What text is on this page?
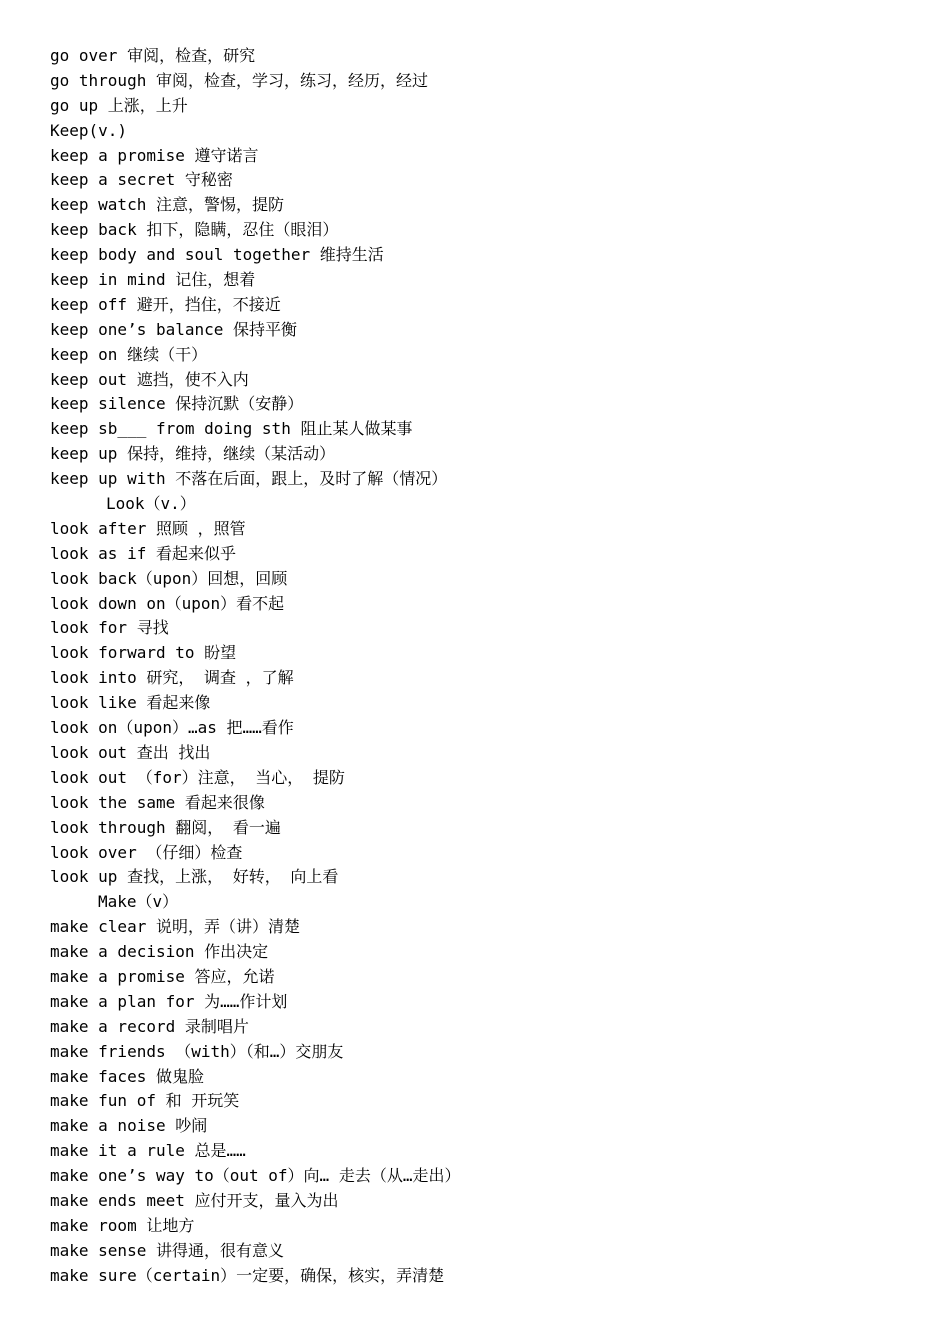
go over 审阅，检查，研究
go through 审阅，检查，学习，练习，经历，经过
go up 上涨，上升
Keep(v.)
keep a promise 遵守诺言
keep a secret 守秘密
keep watch 注意，警惕，提防
keep back 扣下，隐瞒，忍住（眼泪）
keep body and soul together 维持生活
keep in mind 记住，想着
keep off 避开，挡住，不接近
keep one’s balance 保持平衡
keep on 继续（干）
keep out 遮挡，使不入内
keep silence 保持沉默（安静）
keep sb___ from doing sth 阻止某人做某事
keep up 保持，维持，继续（某活动）
keep up with 不落在后面，跟上，及时了解（情况）
Look（v.）
look after 照顾 ，照管
look as if 看起来似乎
look back（upon）回想，回顾
look down on（upon）看不起
look for 寻找
look forward to 盼望
look into 研究， 调查 ，了解
look like 看起来像
look on（upon）…as 把……看作
look out 查出 找出
look out （for）注意， 当心， 提防
look the same 看起来很像
look through 翻阅， 看一遍
look over （仔细）检查
look up 查找，上涨， 好转， 向上看
Make（v）
make clear 说明，弄（讲）清楚
make a decision 作出决定
make a promise 答应，允诺
make a plan for 为……作计划
make a record 录制唱片
make friends （with）（和…）交朋友
make faces 做鬼脸
make fun of 和 开玩笑
make a noise 吵闹
make it a rule 总是……
make one’s way to（out of）向… 走去（从…走出）
make ends meet 应付开支，量入为出
make room 让地方
make sense 讲得通，很有意义
make sure（certain）一定要，确保，核实，弄清楚
